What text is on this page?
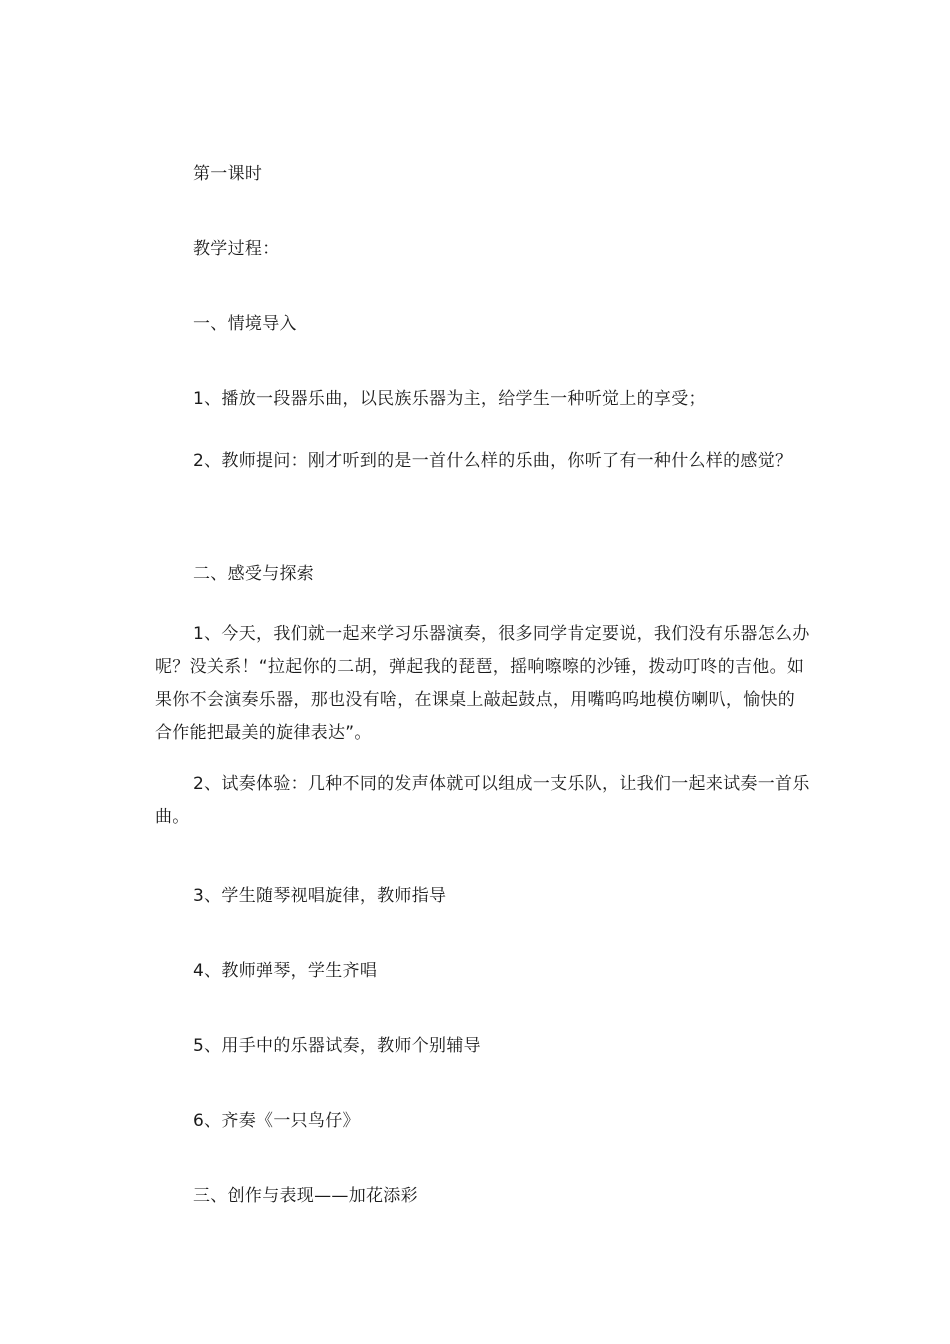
第一课时

教学过程：

一、情境导入

1、播放一段器乐曲，以民族乐器为主，给学生一种听觉上的享受；

2、教师提问：刚才听到的是一首什么样的乐曲，你听了有一种什么样的感觉？

二、感受与探索

1、今天，我们就一起来学习乐器演奏，很多同学肯定要说，我们没有乐器怎么办呢？没关系！“拉起你的二胡，弹起我的琵琶，摇响嚓嚓的沙锤，拨动叮咚的吉他。如果你不会演奏乐器，那也没有啥，在课桌上敲起鼓点，用嘴呜呜地模仿喇叭，愉快的合作能把最美的旋律表达”。

2、试奏体验：几种不同的发声体就可以组成一支乐队，让我们一起来试奏一首乐曲。

3、学生随琴视唱旋律，教师指导

4、教师弹琴，学生齐唱

5、用手中的乐器试奏，教师个别辅导

6、齐奏《一只鸟仔》

三、创作与表现——加花添彩
